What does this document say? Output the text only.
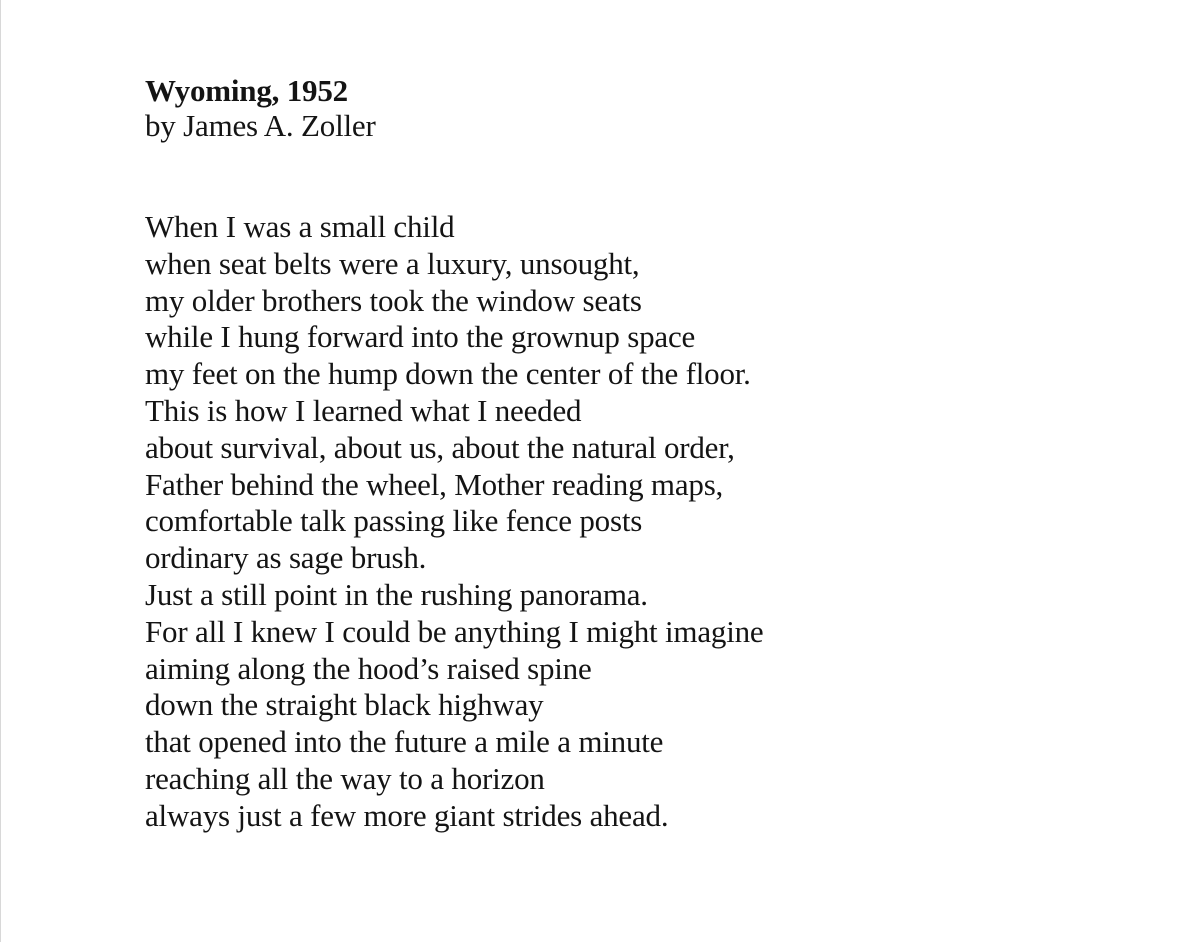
Wyoming, 1952
by James A. Zoller
When I was a small child
when seat belts were a luxury, unsought,
my older brothers took the window seats
while I hung forward into the grownup space
my feet on the hump down the center of the floor.
This is how I learned what I needed
about survival, about us, about the natural order,
Father behind the wheel, Mother reading maps,
comfortable talk passing like fence posts
ordinary as sage brush.
Just a still point in the rushing panorama.
For all I knew I could be anything I might imagine
aiming along the hood’s raised spine
down the straight black highway
that opened into the future a mile a minute
reaching all the way to a horizon
always just a few more giant strides ahead.
